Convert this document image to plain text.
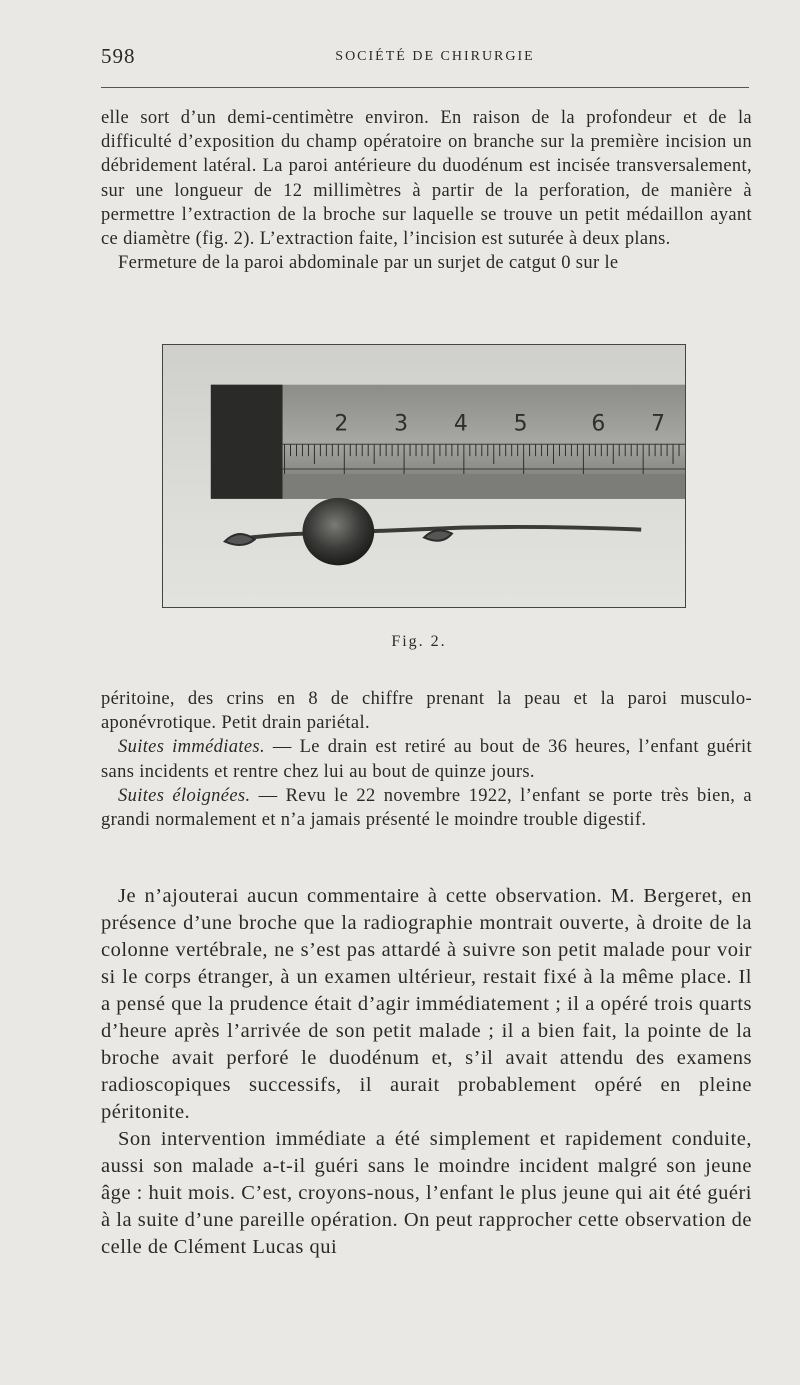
598	SOCIÉTÉ DE CHIRURGIE

elle sort d’un demi-centimètre environ. En raison de la profondeur et de la difficulté d’exposition du champ opératoire on branche sur la première incision un débridement latéral. La paroi antérieure du duodénum est incisée transversalement, sur une longueur de 12 millimètres à partir de la perforation, de manière à permettre l’extraction de la broche sur laquelle se trouve un petit médaillon ayant ce diamètre (fig. 2). L’extraction faite, l’incision est suturée à deux plans.

Fermeture de la paroi abdominale par un surjet de catgut 0 sur le

2 3 4 5	6 7
Fig. 2.

péritoine, des crins en 8 de chiffre prenant la peau et la paroi musculo-aponévrotique. Petit drain pariétal.

Suites immédiates. — Le drain est retiré au bout de 36 heures, l’enfant guérit sans incidents et rentre chez lui au bout de quinze jours.

Suites éloignées. — Revu le 22 novembre 1922, l’enfant se porte très bien, a grandi normalement et n’a jamais présenté le moindre trouble digestif.

Je n’ajouterai aucun commentaire à cette observation. M. Bergeret, en présence d’une broche que la radiographie montrait ouverte, à droite de la colonne vertébrale, ne s’est pas attardé à suivre son petit malade pour voir si le corps étranger, à un examen ultérieur, restait fixé à la même place. Il a pensé que la prudence était d’agir immédiatement ; il a opéré trois quarts d’heure après l’arrivée de son petit malade ; il a bien fait, la pointe de la broche avait perforé le duodénum et, s’il avait attendu des examens radioscopiques successifs, il aurait probablement opéré en pleine péritonite.

Son intervention immédiate a été simplement et rapidement conduite, aussi son malade a-t-il guéri sans le moindre incident malgré son jeune âge : huit mois. C’est, croyons-nous, l’enfant le plus jeune qui ait été guéri à la suite d’une pareille opération. On peut rapprocher cette observation de celle de Clément Lucas qui
